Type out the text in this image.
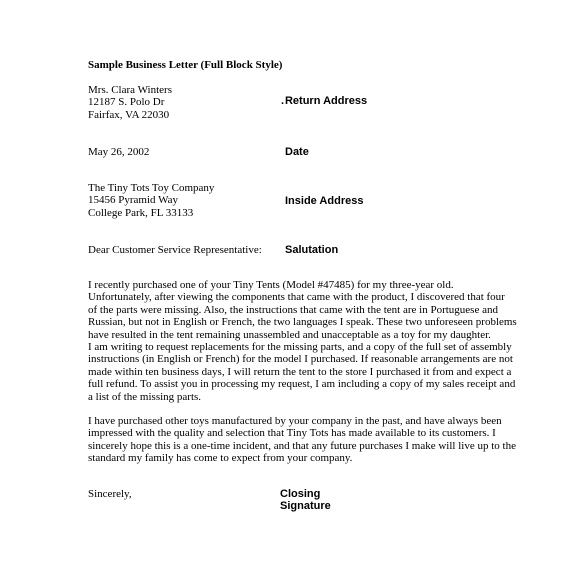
Sample Business Letter (Full Block Style)
Mrs. Clara Winters
12187 S. Polo Dr
Fairfax, VA 22030
. Return Address
May 26, 2002	Date
The Tiny Tots Toy Company
15456 Pyramid Way
College Park, FL 33133
Inside Address
Dear Customer Service Representative: Salutation
I recently purchased one of your Tiny Tents (Model #47485) for my three-year old.
Unfortunately, after viewing the components that came with the product, I discovered that four
of the parts were missing. Also, the instructions that came with the tent are in Portuguese and
Russian, but not in English or French, the two languages I speak. These two unforeseen problems
have resulted in the tent remaining unassembled and unacceptable as a toy for my daughter.
I am writing to request replacements for the missing parts, and a copy of the full set of assembly
instructions (in English or French) for the model I purchased. If reasonable arrangements are not
made within ten business days, I will return the tent to the store I purchased it from and expect a
full refund. To assist you in processing my request, I am including a copy of my sales receipt and
a list of the missing parts.
I have purchased other toys manufactured by your company in the past, and have always been
impressed with the quality and selection that Tiny Tots has made available to its customers. I
sincerely hope this is a one-time incident, and that any future purchases I make will live up to the
standard my family has come to expect from your company.
Sincerely,	Closing
Signature
